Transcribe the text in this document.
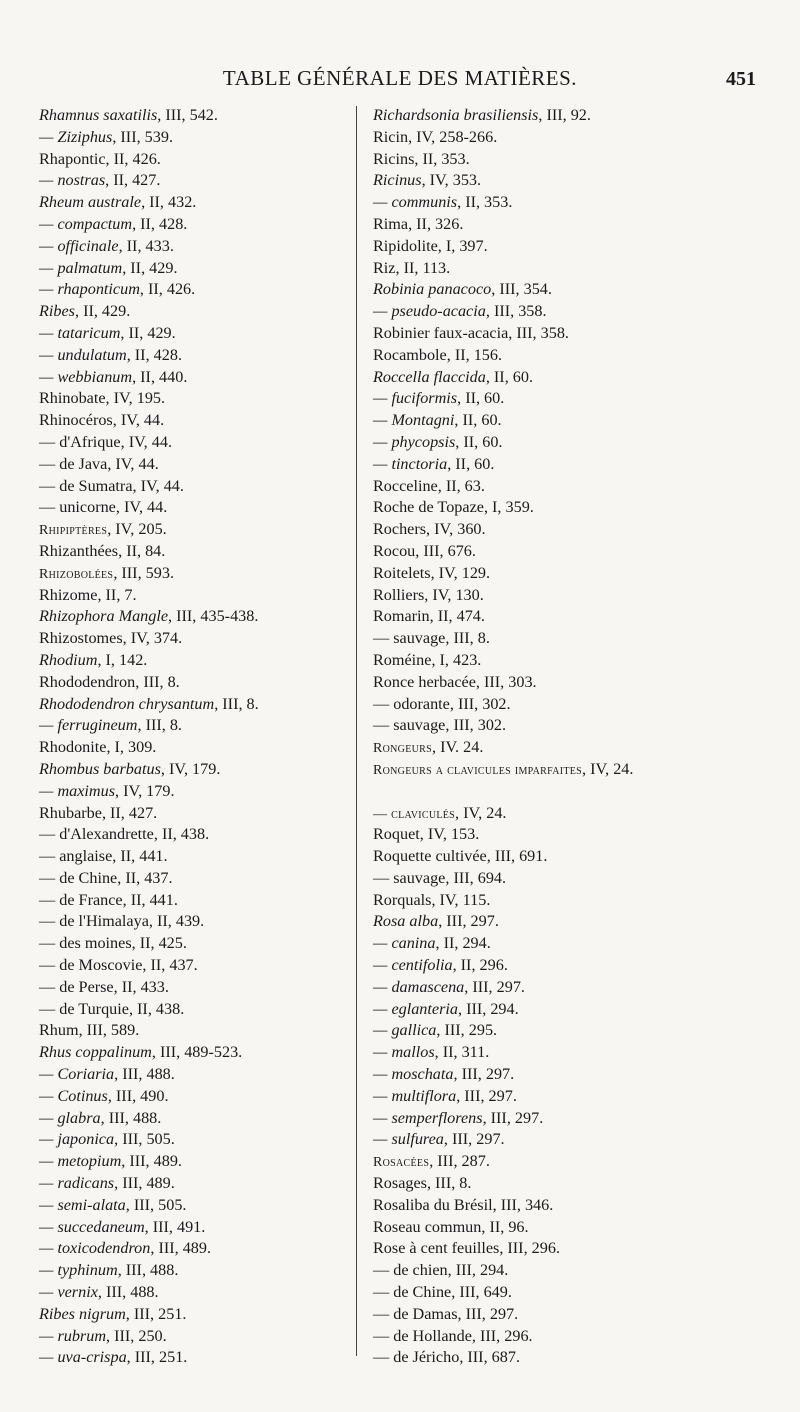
TABLE GÉNÉRALE DES MATIÈRES.	451
Rhamnus saxatilis, III, 542.
— Ziziphus, III, 539.
Rhapontic, II, 426.
— nostras, II, 427.
Rheum australe, II, 432.
— compactum, II, 428.
— officinale, II, 433.
— palmatum, II, 429.
— rhaponticum, II, 426.
Ribes, II, 429.
— tataricum, II, 429.
— undulatum, II, 428.
— webbianum, II, 440.
Rhinobate, IV, 195.
Rhinocéros, IV, 44.
— d'Afrique, IV, 44.
— de Java, IV, 44.
— de Sumatra, IV, 44.
— unicorne, IV, 44.
Rhipiptères, IV, 205.
Rhizanthées, II, 84.
Rhizobolées, III, 593.
Rhizome, II, 7.
Rhizophora Mangle, III, 435-438.
Rhizostomes, IV, 374.
Rhodium, I, 142.
Rhododendron, III, 8.
Rhododendron chrysantum, III, 8.
— ferrugineum, III, 8.
Rhodonite, I, 309.
Rhombus barbatus, IV, 179.
— maximus, IV, 179.
Rhubarbe, II, 427.
— d'Alexandrette, II, 438.
— anglaise, II, 441.
— de Chine, II, 437.
— de France, II, 441.
— de l'Himalaya, II, 439.
— des moines, II, 425.
— de Moscovie, II, 437.
— de Perse, II, 433.
— de Turquie, II, 438.
Rhum, III, 589.
Rhus coppalinum, III, 489-523.
— Coriaria, III, 488.
— Cotinus, III, 490.
— glabra, III, 488.
— japonica, III, 505.
— metopium, III, 489.
— radicans, III, 489.
— semi-alata, III, 505.
— succedaneum, III, 491.
— toxicodendron, III, 489.
— typhinum, III, 488.
— vernix, III, 488.
Ribes nigrum, III, 251.
— rubrum, III, 250.
— uva-crispa, III, 251.
Richardsonia brasiliensis, III, 92.
Ricin, IV, 258-266.
Ricins, II, 353.
Ricinus, IV, 353.
— communis, II, 353.
Rima, II, 326.
Ripidolite, I, 397.
Riz, II, 113.
Robinia panacoco, III, 354.
— pseudo-acacia, III, 358.
Robinier faux-acacia, III, 358.
Rocambole, II, 156.
Roccella flaccida, II, 60.
— fuciformis, II, 60.
— Montagni, II, 60.
— phycopsis, II, 60.
— tinctoria, II, 60.
Rocceline, II, 63.
Roche de Topaze, I, 359.
Rochers, IV, 360.
Rocou, III, 676.
Roitelets, IV, 129.
Rolliers, IV, 130.
Romarin, II, 474.
— sauvage, III, 8.
Roméine, I, 423.
Ronce herbacée, III, 303.
— odorante, III, 302.
— sauvage, III, 302.
Rongeurs, IV. 24.
Rongeurs a clavicules imparfaites, IV, 24.
— claviculés, IV, 24.
Roquet, IV, 153.
Roquette cultivée, III, 691.
— sauvage, III, 694.
Rorquals, IV, 115.
Rosa alba, III, 297.
— canina, II, 294.
— centifolia, II, 296.
— damascena, III, 297.
— eglanteria, III, 294.
— gallica, III, 295.
— mallos, II, 311.
— moschata, III, 297.
— multiflora, III, 297.
— semperflorens, III, 297.
— sulfurea, III, 297.
Rosacées, III, 287.
Rosages, III, 8.
Rosaliba du Brésil, III, 346.
Roseau commun, II, 96.
Rose à cent feuilles, III, 296.
— de chien, III, 294.
— de Chine, III, 649.
— de Damas, III, 297.
— de Hollande, III, 296.
— de Jéricho, III, 687.
